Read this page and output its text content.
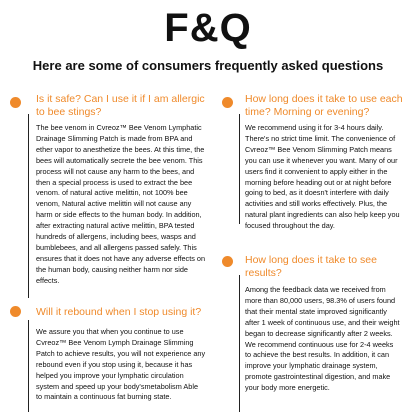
F&Q
Here are some of consumers frequently asked questions
Is it safe? Can I use it if I am allergic
to bee stings?
The bee venom in Cvreoz™ Bee Venom Lymphatic
Drainage Slimming Patch is made from BPA and
ether vapor to anesthetize the bees. At this time, the
bees will automatically secrete the bee venom. This
process will not cause any harm to the bees, and
then a special process is used to extract the bee
venom. of natural active melittin, not 100% bee
venom, Natural active melittin will not cause any
harm or side effects to the human body. In addition,
after extracting natural active melittin, BPA tested
hundreds of allergens, including bees, wasps and
bumblebees, and all allergens passed safely. This
ensures that it does not have any adverse effects on
the human body, causing neither harm nor side
effects.
Will it rebound when I stop using it?
We assure you that when you continue to use
Cvreoz™ Bee Venom Lymph Drainage Slimming
Patch to achieve results, you will not experience any
rebound even if you stop using it, because it has
helped you improve your lymphatic circulation
system and speed up your body'smetabolism Able
to maintain a continuous fat burning state.
How long does it take to use each
time? Morning or evening?
We recommend using it for 3-4 hours daily.
There's no strict time limit. The convenience of
Cvreoz™ Bee Venom Slimming Patch means
you can use it whenever you want. Many of our
users find it convenient to apply either in the
morning before heading out or at night before
going to bed, as it doesn't interfere with daily
activities and still works effectively. Plus, the
natural plant ingredients can also help keep you
focused throughout the day.
How long does it take to see
results?
Among the feedback data we received from
more than 80,000 users, 98.3% of users found
that their mental state improved significantly
after 1 week of continuous use, and their weight
began to decrease significantly after 2 weeks.
We recommend continuous use for 2-4 weeks
to achieve the best results. In addition, it can
improve your lymphatic drainage system,
promote gastrointestinal digestion, and make
your body more energetic.
